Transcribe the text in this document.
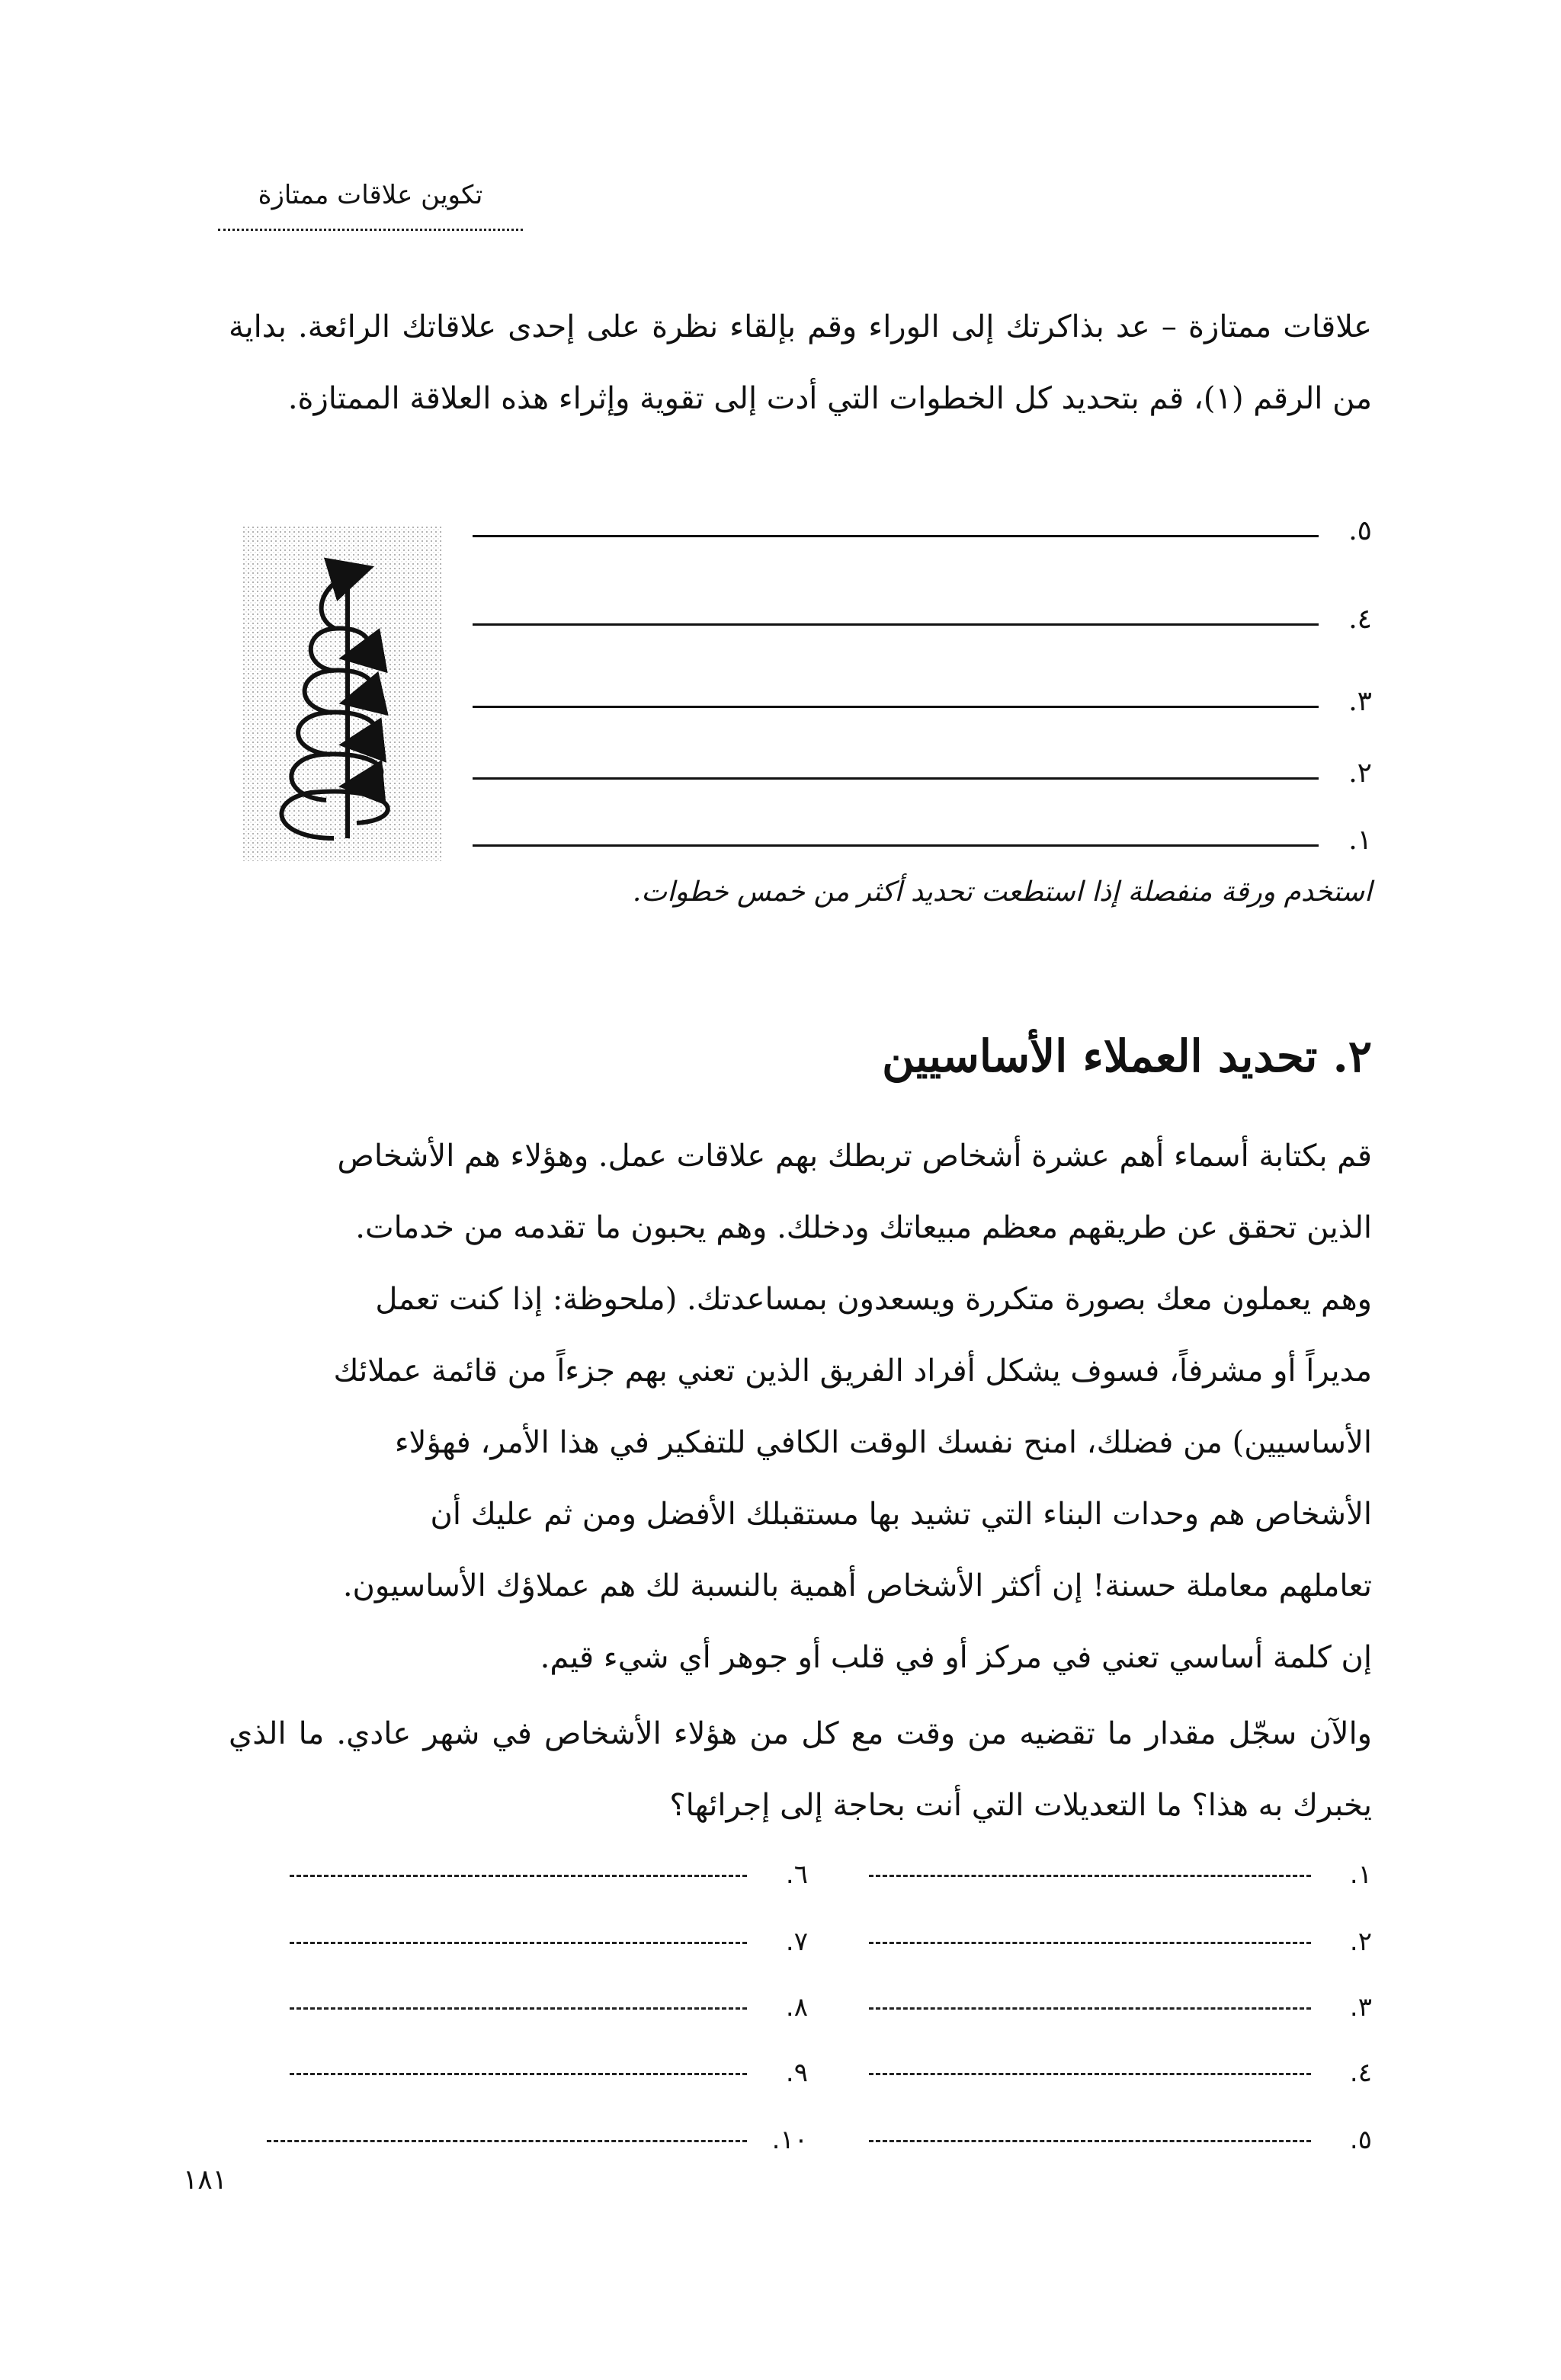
تكوين علاقات ممتازة
علاقات ممتازة – عد بذاكرتك إلى الوراء وقم بإلقاء نظرة على إحدى علاقاتك الرائعة. بداية من الرقم (١)، قم بتحديد كل الخطوات التي أدت إلى تقوية وإثراء هذه العلاقة الممتازة.
٥.
٤.
٣.
٢.
١.
استخدم ورقة منفصلة إذا استطعت تحديد أكثر من خمس خطوات.
٢. تحديد العملاء الأساسيين
قم بكتابة أسماء أهم عشرة أشخاص تربطك بهم علاقات عمل. وهؤلاء هم الأشخاص
الذين تحقق عن طريقهم معظم مبيعاتك ودخلك. وهم يحبون ما تقدمه من خدمات.
وهم يعملون معك بصورة متكررة ويسعدون بمساعدتك. (ملحوظة: إذا كنت تعمل
مديراً أو مشرفاً، فسوف يشكل أفراد الفريق الذين تعني بهم جزءاً من قائمة عملائك
الأساسيين) من فضلك، امنح نفسك الوقت الكافي للتفكير في هذا الأمر، فهؤلاء
الأشخاص هم وحدات البناء التي تشيد بها مستقبلك الأفضل ومن ثم عليك أن
تعاملهم معاملة حسنة! إن أكثر الأشخاص أهمية بالنسبة لك هم عملاؤك الأساسيون.
إن كلمة أساسي تعني في مركز أو في قلب أو جوهر أي شيء قيم.
والآن سجّل مقدار ما تقضيه من وقت مع كل من هؤلاء الأشخاص في شهر عادي. ما الذي يخبرك به هذا؟ ما التعديلات التي أنت بحاجة إلى إجرائها؟
١.
٢.
٣.
٤.
٥.
٦.
٧.
٨.
٩.
١٠.
١٨١
